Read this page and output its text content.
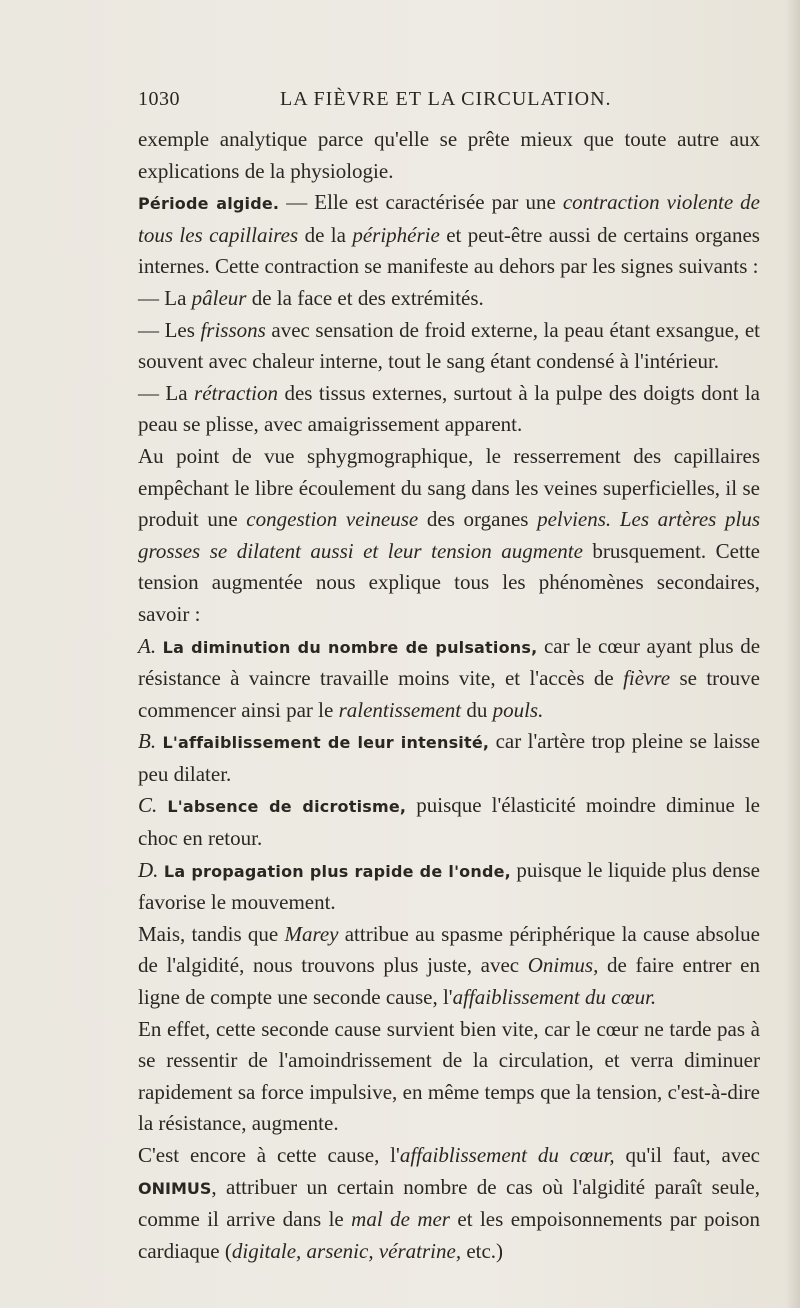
1030	LA FIÈVRE ET LA CIRCULATION.

exemple analytique parce qu'elle se prête mieux que toute autre aux explications de la physiologie.

Période algide. — Elle est caractérisée par une contraction violente de tous les capillaires de la périphérie et peut-être aussi de certains organes internes. Cette contraction se manifeste au dehors par les signes suivants :

— La pâleur de la face et des extrémités.

— Les frissons avec sensation de froid externe, la peau étant exsangue, et souvent avec chaleur interne, tout le sang étant condensé à l'intérieur.

— La rétraction des tissus externes, surtout à la pulpe des doigts dont la peau se plisse, avec amaigrissement apparent.

Au point de vue sphygmographique, le resserrement des capillaires empêchant le libre écoulement du sang dans les veines superficielles, il se produit une congestion veineuse des organes pelviens. Les artères plus grosses se dilatent aussi et leur tension augmente brusquement. Cette tension augmentée nous explique tous les phénomènes secondaires, savoir :

A. La diminution du nombre de pulsations, car le cœur ayant plus de résistance à vaincre travaille moins vite, et l'accès de fièvre se trouve commencer ainsi par le ralentissement du pouls.

B. L'affaiblissement de leur intensité, car l'artère trop pleine se laisse peu dilater.

C. L'absence de dicrotisme, puisque l'élasticité moindre diminue le choc en retour.

D. La propagation plus rapide de l'onde, puisque le liquide plus dense favorise le mouvement.

Mais, tandis que Marey attribue au spasme périphérique la cause absolue de l'algidité, nous trouvons plus juste, avec Onimus, de faire entrer en ligne de compte une seconde cause, l'affaiblissement du cœur.

En effet, cette seconde cause survient bien vite, car le cœur ne tarde pas à se ressentir de l'amoindrissement de la circulation, et verra diminuer rapidement sa force impulsive, en même temps que la tension, c'est-à-dire la résistance, augmente.

C'est encore à cette cause, l'affaiblissement du cœur, qu'il faut, avec ONIMUS, attribuer un certain nombre de cas où l'algidité paraît seule, comme il arrive dans le mal de mer et les empoisonnements par poison cardiaque (digitale, arsenic, vératrine, etc.)
